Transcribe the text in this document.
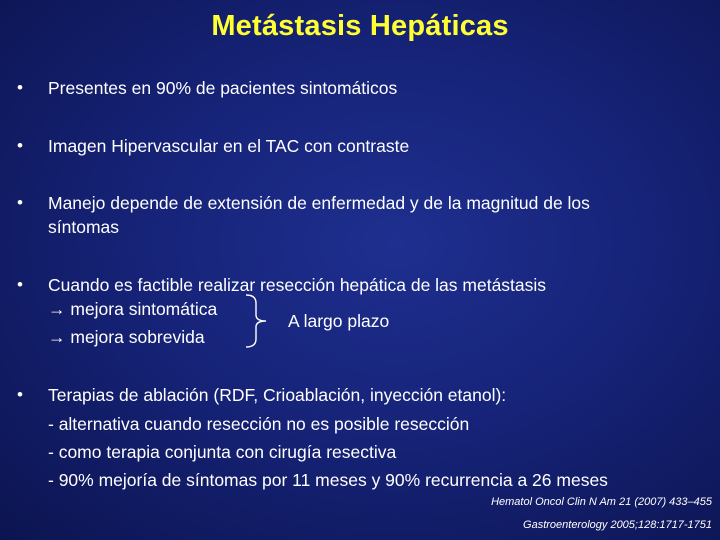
Metástasis Hepáticas
• Presentes en 90% de pacientes sintomáticos
• Imagen Hipervascular en el TAC con contraste
• Manejo depende de extensión de enfermedad y de la magnitud de los
síntomas
• Cuando es factible realizar resección hepática de las metástasis
→ mejora sintomática
→ mejora sobrevida
A largo plazo
• Terapias de ablación (RDF, Crioablación, inyección etanol):
- alternativa cuando resección no es posible resección
- como terapia conjunta con cirugía resectiva
- 90% mejoría de síntomas por 11 meses y 90% recurrencia a 26 meses
Hematol Oncol Clin N Am 21 (2007) 433–455
Gastroenterology 2005;128:1717-1751
